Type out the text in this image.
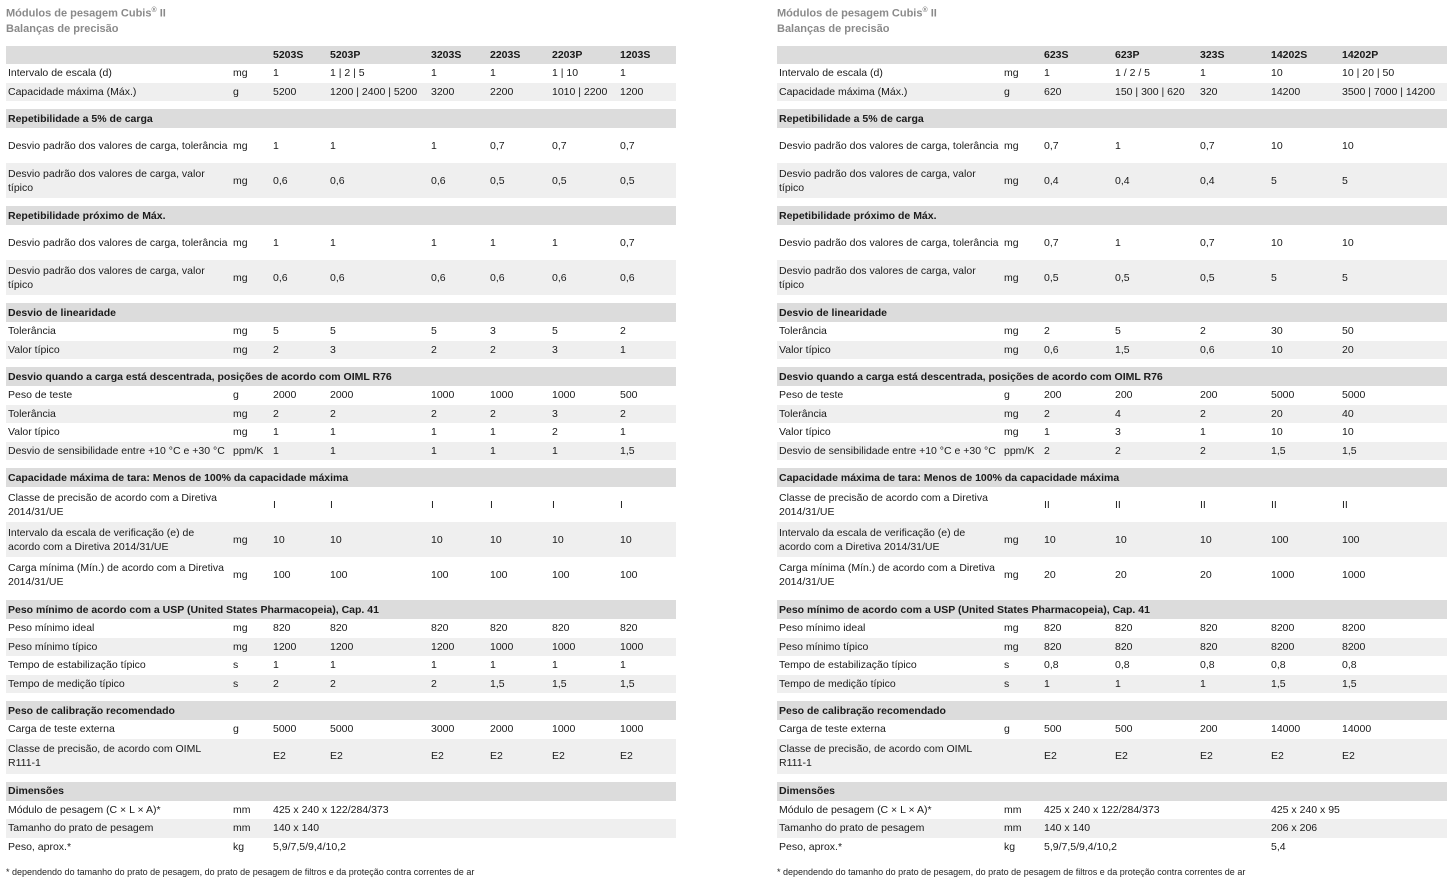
Módulos de pesagem Cubis® II
Balanças de precisão
		5203S	5203P	3203S	2203S	2203P	1203S
Intervalo de escala (d)	mg	1	1 | 2 | 5	1	1	1 | 10	1
Capacidade máxima (Máx.)	g	5200	1200 | 2400 | 5200	3200	2200	1010 | 2200	1200

Repetibilidade a 5% de carga							
Desvio padrão dos valores de carga, tolerância	mg	1	1	1	0,7	0,7	0,7
Desvio padrão dos valores de carga, valor típico	mg	0,6	0,6	0,6	0,5	0,5	0,5

Repetibilidade próximo de Máx.							
Desvio padrão dos valores de carga, tolerância	mg	1	1	1	1	1	0,7
Desvio padrão dos valores de carga, valor típico	mg	0,6	0,6	0,6	0,6	0,6	0,6

Desvio de linearidade							
Tolerância	mg	5	5	5	3	5	2
Valor típico	mg	2	3	2	2	3	1

Desvio quando a carga está descentrada, posições de acordo com OIML R76							
Peso de teste	g	2000	2000	1000	1000	1000	500
Tolerância	mg	2	2	2	2	3	2
Valor típico	mg	1	1	1	1	2	1
Desvio de sensibilidade entre +10 °C e +30 °C	ppm/K	1	1	1	1	1	1,5

Capacidade máxima de tara: Menos de 100% da capacidade máxima							
Classe de precisão de acordo com a Diretiva 2014/31/UE		I	I	I	I	I	I
Intervalo da escala de verificação (e) de acordo com a Diretiva 2014/31/UE	mg	10	10	10	10	10	10
Carga mínima (Mín.) de acordo com a Diretiva 2014/31/UE	mg	100	100	100	100	100	100

Peso mínimo de acordo com a USP (United States Pharmacopeia), Cap. 41							
Peso mínimo ideal	mg	820	820	820	820	820	820
Peso mínimo típico	mg	1200	1200	1200	1000	1000	1000
Tempo de estabilização típico	s	1	1	1	1	1	1
Tempo de medição típico	s	2	2	2	1,5	1,5	1,5

Peso de calibração recomendado							
Carga de teste externa	g	5000	5000	3000	2000	1000	1000
Classe de precisão, de acordo com OIML R111-1		E2	E2	E2	E2	E2	E2

Dimensões							
Módulo de pesagem (C × L × A)*	mm	425 x 240 x 122/284/373					
Tamanho do prato de pesagem	mm	140 x 140					
Peso, aprox.*	kg	5,9/7,5/9,4/10,2					
Módulos de pesagem Cubis® II
Balanças de precisão
		623S	623P	323S	14202S	14202P
Intervalo de escala (d)	mg	1	1 / 2 / 5	1	10	10 | 20 | 50
Capacidade máxima (Máx.)	g	620	150 | 300 | 620	320	14200	3500 | 7000 | 14200

Repetibilidade a 5% de carga						
Desvio padrão dos valores de carga, tolerância	mg	0,7	1	0,7	10	10
Desvio padrão dos valores de carga, valor típico	mg	0,4	0,4	0,4	5	5

Repetibilidade próximo de Máx.						
Desvio padrão dos valores de carga, tolerância	mg	0,7	1	0,7	10	10
Desvio padrão dos valores de carga, valor típico	mg	0,5	0,5	0,5	5	5

Desvio de linearidade						
Tolerância	mg	2	5	2	30	50
Valor típico	mg	0,6	1,5	0,6	10	20

Desvio quando a carga está descentrada, posições de acordo com OIML R76						
Peso de teste	g	200	200	200	5000	5000
Tolerância	mg	2	4	2	20	40
Valor típico	mg	1	3	1	10	10
Desvio de sensibilidade entre +10 °C e +30 °C	ppm/K	2	2	2	1,5	1,5

Capacidade máxima de tara: Menos de 100% da capacidade máxima						
Classe de precisão de acordo com a Diretiva 2014/31/UE		II	II	II	II	II
Intervalo da escala de verificação (e) de acordo com a Diretiva 2014/31/UE	mg	10	10	10	100	100
Carga mínima (Mín.) de acordo com a Diretiva 2014/31/UE	mg	20	20	20	1000	1000

Peso mínimo de acordo com a USP (United States Pharmacopeia), Cap. 41						
Peso mínimo ideal	mg	820	820	820	8200	8200
Peso mínimo típico	mg	820	820	820	8200	8200
Tempo de estabilização típico	s	0,8	0,8	0,8	0,8	0,8
Tempo de medição típico	s	1	1	1	1,5	1,5

Peso de calibração recomendado						
Carga de teste externa	g	500	500	200	14000	14000
Classe de precisão, de acordo com OIML R111-1		E2	E2	E2	E2	E2

Dimensões						
Módulo de pesagem (C × L × A)*	mm	425 x 240 x 122/284/373			425 x 240 x 95	
Tamanho do prato de pesagem	mm	140 x 140			206 x 206	
Peso, aprox.*	kg	5,9/7,5/9,4/10,2			5,4	
* dependendo do tamanho do prato de pesagem, do prato de pesagem de filtros e da proteção contra correntes de ar	* dependendo do tamanho do prato de pesagem, do prato de pesagem de filtros e da proteção contra correntes de ar
